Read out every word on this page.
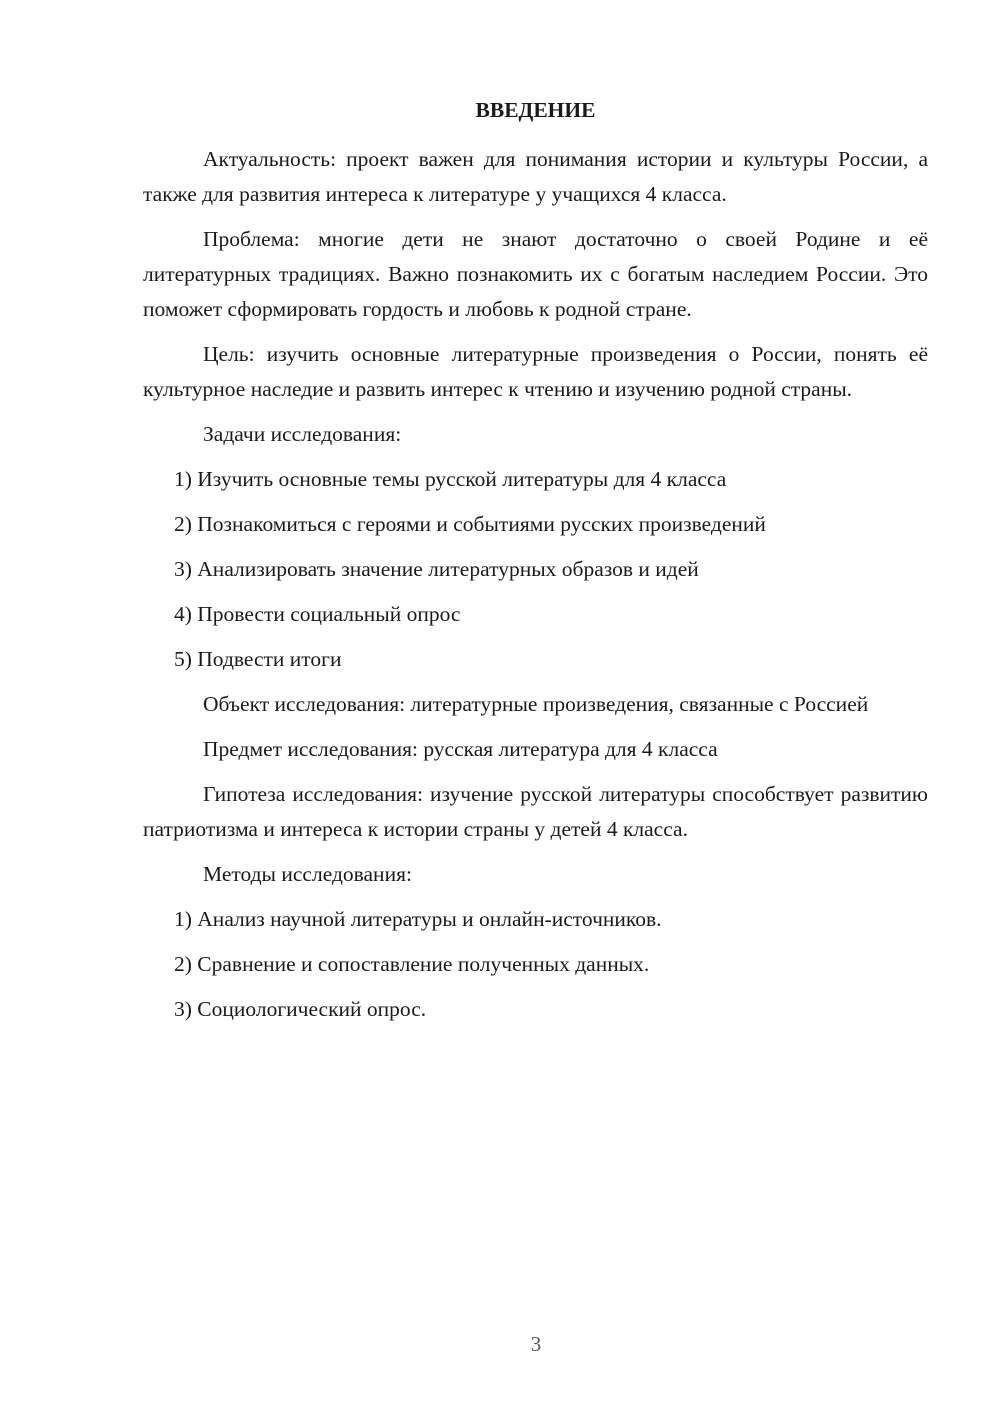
ВВЕДЕНИЕ

Актуальность: проект важен для понимания истории и культуры России, а также для развития интереса к литературе у учащихся 4 класса.

Проблема: многие дети не знают достаточно о своей Родине и её литературных традициях. Важно познакомить их с богатым наследием России. Это поможет сформировать гордость и любовь к родной стране.

Цель: изучить основные литературные произведения о России, понять её культурное наследие и развить интерес к чтению и изучению родной страны.

Задачи исследования:

1) Изучить основные темы русской литературы для 4 класса

2) Познакомиться с героями и событиями русских произведений

3) Анализировать значение литературных образов и идей

4) Провести социальный опрос

5) Подвести итоги

Объект исследования: литературные произведения, связанные с Россией

Предмет исследования: русская литература для 4 класса

Гипотеза исследования: изучение русской литературы способствует развитию патриотизма и интереса к истории страны у детей 4 класса.

Методы исследования:

1) Анализ научной литературы и онлайн-источников.

2) Сравнение и сопоставление полученных данных.

3) Социологический опрос.

3
